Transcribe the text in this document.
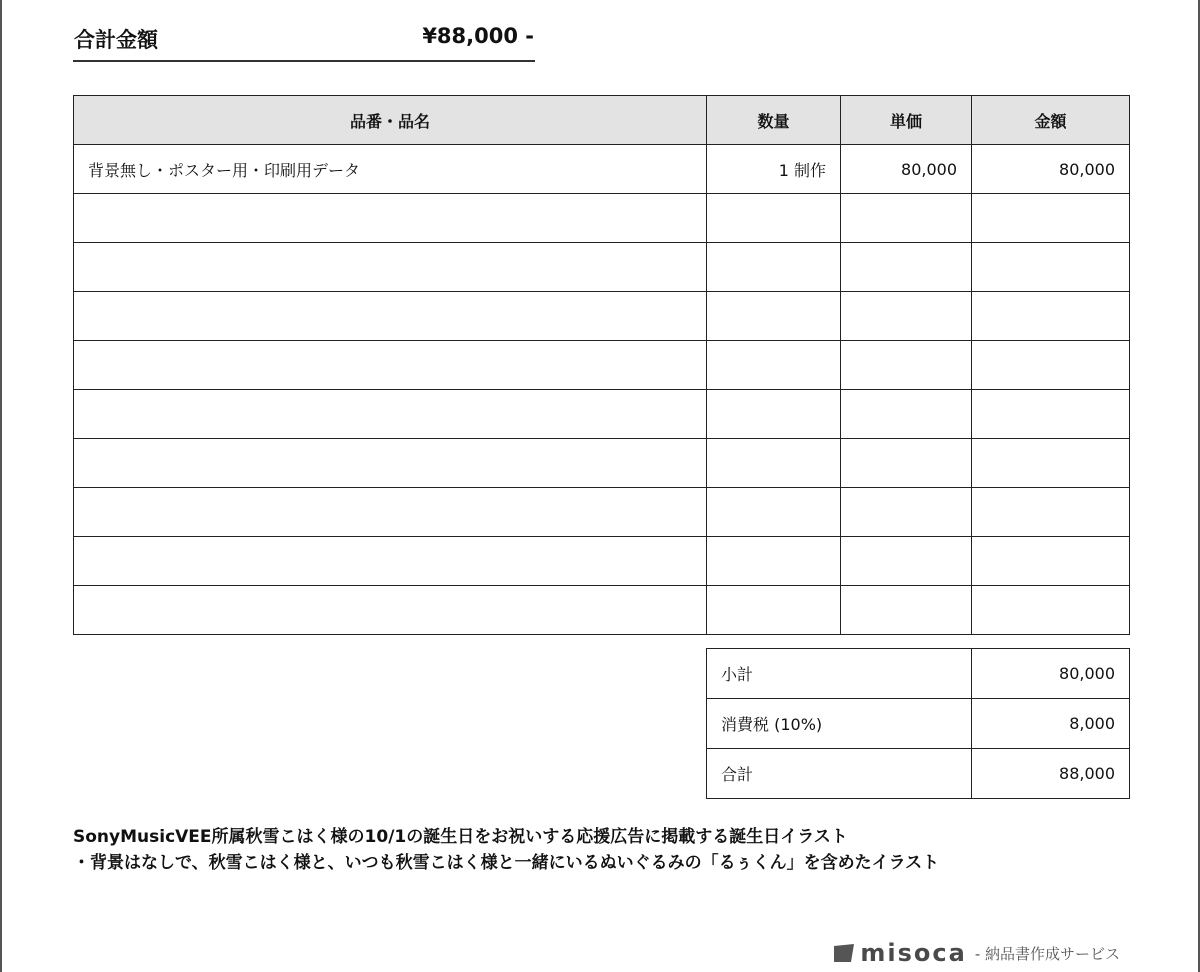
合計金額	¥88,000 -
品番・品名	数量	単価	金額
背景無し・ポスター用・印刷用データ	1 制作	80,000	80,000

小計	80,000
消費税 (10%)	8,000
合計	88,000
SonyMusicVEE所属秋雪こはく様の10/1の誕生日をお祝いする応援広告に掲載する誕生日イラスト
・背景はなしで、秋雪こはく様と、いつも秋雪こはく様と一緒にいるぬいぐるみの「るぅくん」を含めたイラスト
misoca - 納品書作成サービス
